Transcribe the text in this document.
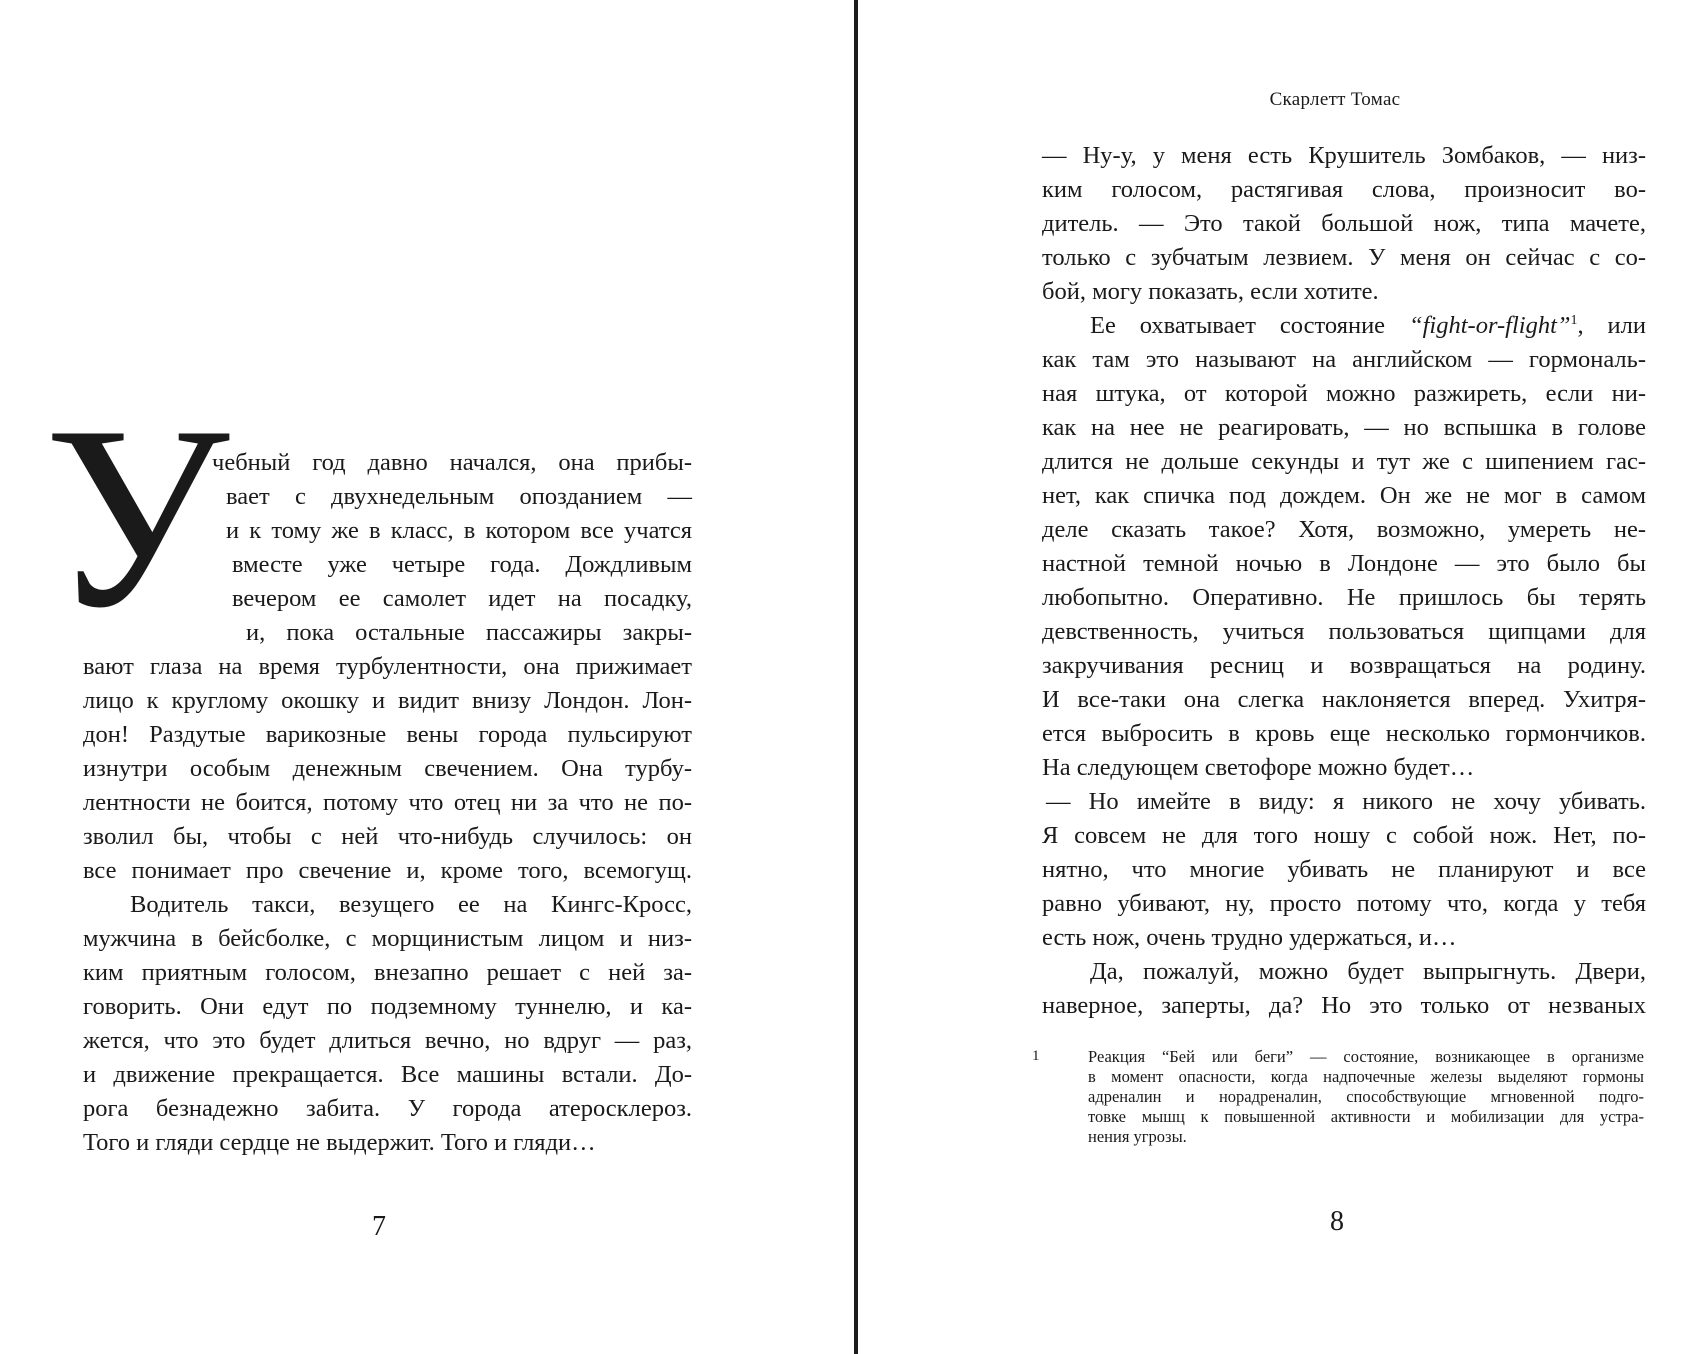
У
чебный год давно начался, она прибы-
вает с двухнедельным опозданием —
и к тому же в класс, в котором все учатся
вместе уже четыре года. Дождливым
вечером ее самолет идет на посадку,
и, пока остальные пассажиры закры-
вают глаза на время турбулентности, она прижимает
лицо к круглому окошку и видит внизу Лондон. Лон-
дон! Раздутые варикозные вены города пульсируют
изнутри особым денежным свечением. Она турбу-
лентности не боится, потому что отец ни за что не по-
зволил бы, чтобы с ней что-нибудь случилось: он
все понимает про свечение и, кроме того, всемогущ.
Водитель такси, везущего ее на Кингс-Кросс,
мужчина в бейсболке, с морщинистым лицом и низ-
ким приятным голосом, внезапно решает с ней за-
говорить. Они едут по подземному туннелю, и ка-
жется, что это будет длиться вечно, но вдруг — раз,
и движение прекращается. Все машины встали. До-
рога безнадежно забита. У города атеросклероз.
Того и гляди сердце не выдержит. Того и гляди…
7
Скарлетт Томас
— Ну-у, у меня есть Крушитель Зомбаков, — низ-
ким голосом, растягивая слова, произносит во-
дитель. — Это такой большой нож, типа мачете,
только с зубчатым лезвием. У меня он сейчас с со-
бой, могу показать, если хотите.
Ее охватывает состояние “fight-or-flight”$^1$, или
как там это называют на английском — гормональ-
ная штука, от которой можно разжиреть, если ни-
как на нее не реагировать, — но вспышка в голове
длится не дольше секунды и тут же с шипением гас-
нет, как спичка под дождем. Он же не мог в самом
деле сказать такое? Хотя, возможно, умереть не-
настной темной ночью в Лондоне — это было бы
любопытно. Оперативно. Не пришлось бы терять
девственность, учиться пользоваться щипцами для
закручивания ресниц и возвращаться на родину.
И все-таки она слегка наклоняется вперед. Ухитря-
ется выбросить в кровь еще несколько гормончиков.
На следующем светофоре можно будет…
— Но имейте в виду: я никого не хочу убивать.
Я совсем не для того ношу с собой нож. Нет, по-
нятно, что многие убивать не планируют и все
равно убивают, ну, просто потому что, когда у тебя
есть нож, очень трудно удержаться, и…
Да, пожалуй, можно будет выпрыгнуть. Двери,
наверное, заперты, да? Но это только от незваных
1	Реакция “Бей или беги” — состояние, возникающее в организме
в момент опасности, когда надпочечные железы выделяют гормоны
адреналин и норадреналин, способствующие мгновенной подго-
товке мышц к повышенной активности и мобилизации для устра-
нения угрозы.
8
